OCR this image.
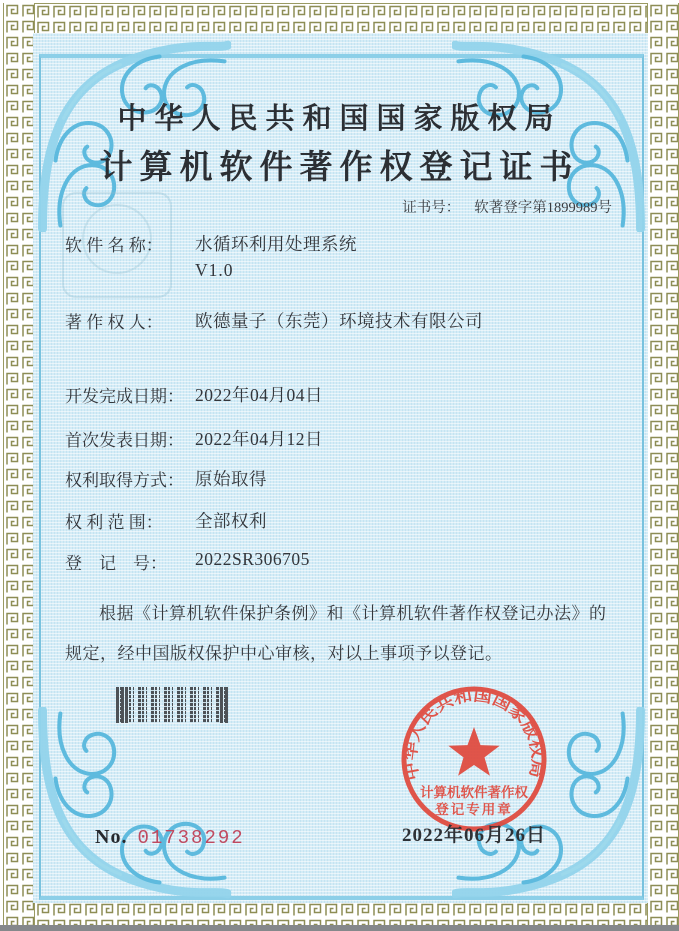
中华人民共和国国家版权局
计算机软件著作权登记证书
证书号： 软著登字第1899989号
软 件 名 称：	水循环利用处理系统
V1.0
著 作 权 人：	欧德量子（东莞）环境技术有限公司
开发完成日期： 2022年04月04日
首次发表日期： 2022年04月12日
权利取得方式： 原始取得
权 利 范 围：	全部权利
登　记　号：	2022SR306705
根据《计算机软件保护条例》和《计算机软件著作权登记办法》的
规定，经中国版权保护中心审核，对以上事项予以登记。
中华人民共和国国家版权局
计算机软件著作权
登记专用章
2022年06月26日
No. 01738292
